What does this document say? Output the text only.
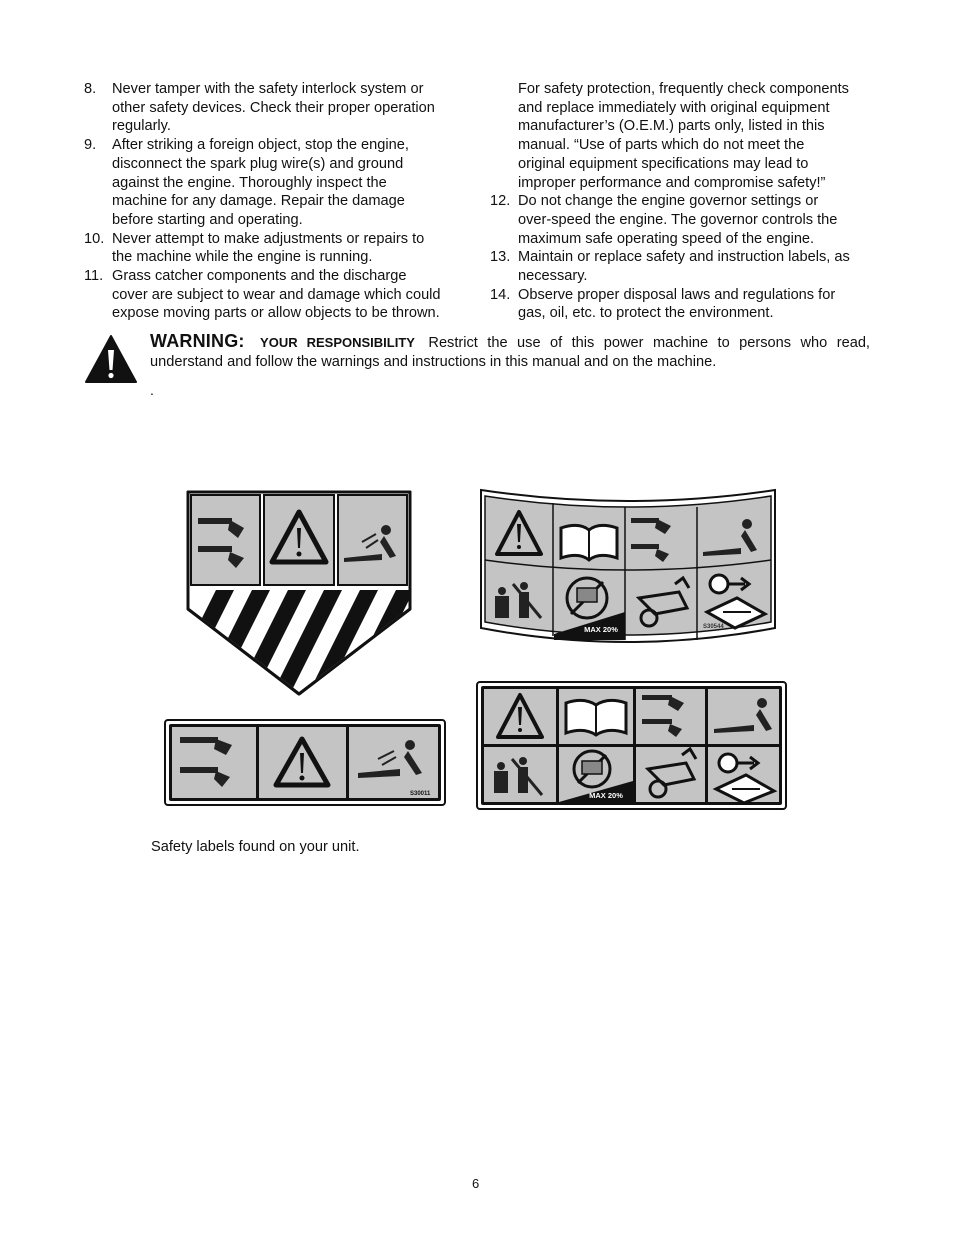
8.	Never tamper with the safety interlock system or
other safety devices. Check their proper operation
regularly.
9.	After striking a foreign object, stop the engine,
disconnect the spark plug wire(s) and ground
against the engine. Thoroughly inspect the
machine for any damage. Repair the damage
before starting and operating.
10. Never attempt to make adjustments or repairs to
the machine while the engine is running.
11. Grass catcher components and the discharge
cover are subject to wear and damage which could
expose moving parts or allow objects to be thrown.
For safety protection, frequently check components
and replace immediately with original equipment
manufacturer’s (O.E.M.) parts only, listed in this
manual. “Use of parts which do not meet the
original equipment specifications may lead to
improper performance and compromise safety!”
12. Do not change the engine governor settings or
over-speed the engine. The governor controls the
maximum safe operating speed of the engine.
13. Maintain or replace safety and instruction labels, as
necessary.
14. Observe proper disposal laws and regulations for
gas, oil, etc. to protect the environment.
WARNING: YOUR RESPONSIBILITY Restrict the use of this power machine to persons who read, understand and follow the warnings and instructions in this manual and on the machine.
.
MAX 20%	S30544
S30011	MAX 20%
Safety labels found on your unit.
6
